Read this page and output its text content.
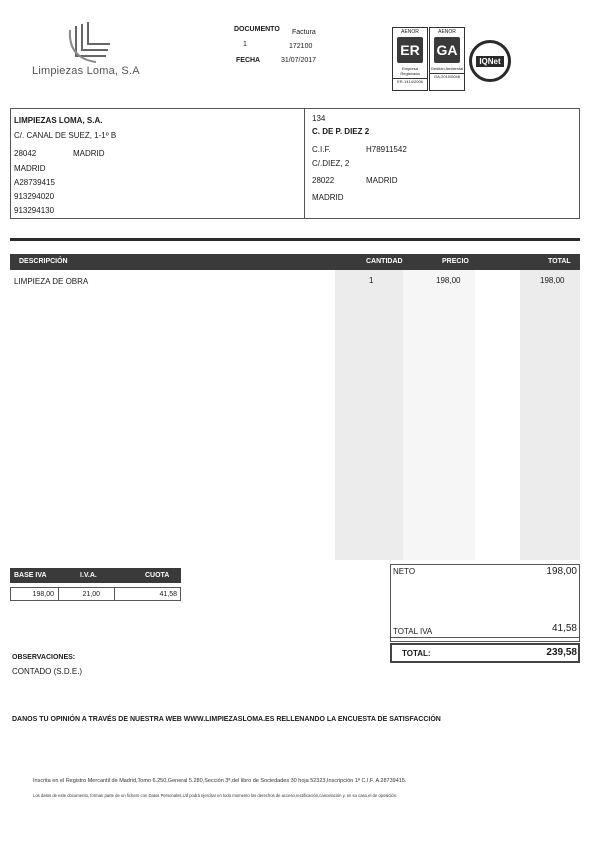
Limpiezas Loma, S.A
DOCUMENTO Factura
1	172100
FECHA	31/07/2017
AENOR
ER
Empresa Registrada
ER-1414/2006
AENOR
GA
Gestión Ambiental
GA-2010/0048
IQNet
LIMPIEZAS LOMA, S.A.
C/. CANAL DE SUEZ, 1-1º B
28042	MADRID
MADRID
A28739415
913294020
913294130
134
C. DE P. DIEZ 2
C.I.F.	H78911542
C/.DIEZ, 2
28022	MADRID
MADRID
DESCRIPCIÓN	CANTIDAD	PRECIO	TOTAL
LIMPIEZA DE OBRA	1	198,00	198,00
BASE IVA	I.V.A.	CUOTA
198,00	21,00	41,58
NETO	198,00
TOTAL IVA	41,58
TOTAL:	239,58
OBSERVACIONES:
CONTADO (S.D.E.)
DANOS TU OPINIÓN A TRAVÉS DE NUESTRA WEB WWW.LIMPIEZASLOMA.ES RELLENANDO LA ENCUESTA DE SATISFACCIÓN
Inscrita en el Registro Mercantil de Madrid,Tomo 6.250,General 5.280,Sección 3ª,del libro de Sociedades 30 hoja 52323,Inscripción 1ª C.I.F. A 28739415.
Los datos de este documento, forman parte de un fichero con Datos Personales.Ud podrá ejercitar en todo momento los derechos de acceso,rectificación,cancelación y, en su caso,el de oposición.
